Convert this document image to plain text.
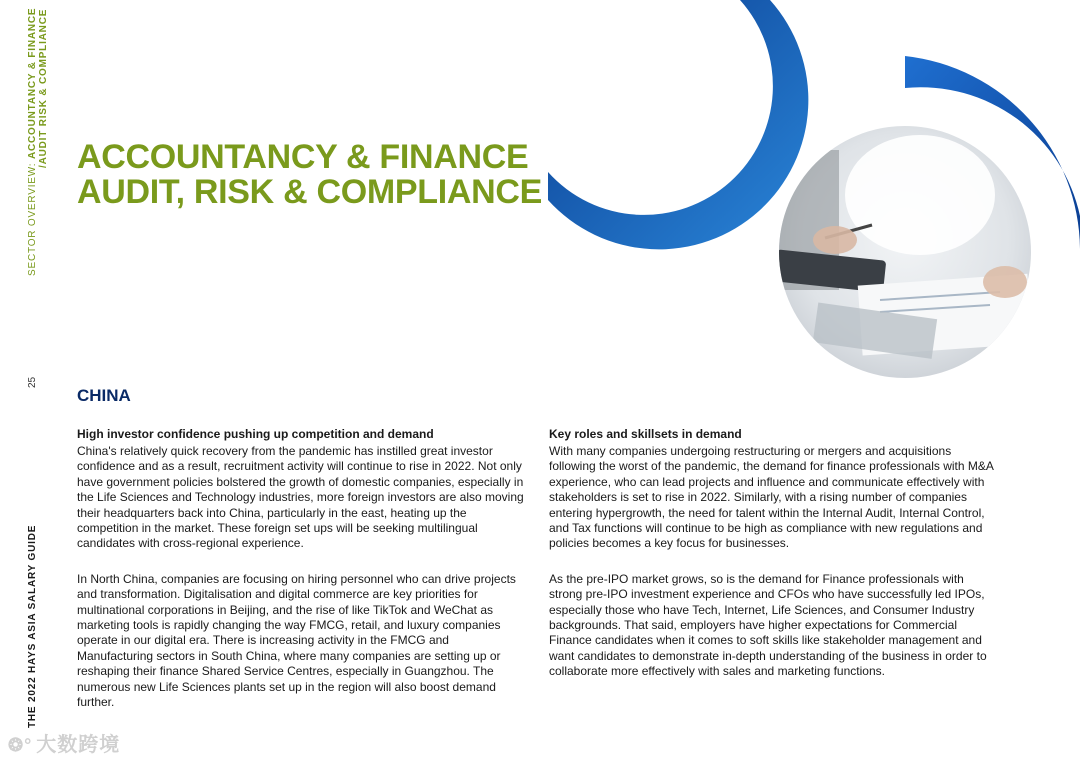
SECTOR OVERVIEW: ACCOUNTANCY & FINANCE /AUDIT RISK & COMPLIANCE
25
THE 2022 HAYS ASIA SALARY GUIDE
ACCOUNTANCY & FINANCE
AUDIT, RISK & COMPLIANCE
CHINA
High investor confidence pushing up competition and demand

China's relatively quick recovery from the pandemic has instilled great investor confidence and as a result, recruitment activity will continue to rise in 2022. Not only have government policies bolstered the growth of domestic companies, especially in the Life Sciences and Technology industries, more foreign investors are also moving their headquarters back into China, particularly in the east, heating up the competition in the market. These foreign set ups will be seeking multilingual candidates with cross-regional experience.

In North China, companies are focusing on hiring personnel who can drive projects and transformation. Digitalisation and digital commerce are key priorities for multinational corporations in Beijing, and the rise of like TikTok and WeChat as marketing tools is rapidly changing the way FMCG, retail, and luxury companies operate in our digital era. There is increasing activity in the FMCG and Manufacturing sectors in South China, where many companies are setting up or reshaping their finance Shared Service Centres, especially in Guangzhou. The numerous new Life Sciences plants set up in the region will also boost demand further.

Key roles and skillsets in demand

With many companies undergoing restructuring or mergers and acquisitions following the worst of the pandemic, the demand for finance professionals with M&A experience, who can lead projects and influence and communicate effectively with stakeholders is set to rise in 2022. Similarly, with a rising number of companies entering hypergrowth, the need for talent within the Internal Audit, Internal Control, and Tax functions will continue to be high as compliance with new regulations and policies becomes a key focus for businesses.

As the pre-IPO market grows, so is the demand for Finance professionals with strong pre-IPO investment experience and CFOs who have successfully led IPOs, especially those who have Tech, Internet, Life Sciences, and Consumer Industry backgrounds. That said, employers have higher expectations for Commercial Finance candidates when it comes to soft skills like stakeholder management and want candidates to demonstrate in-depth understanding of the business in order to collaborate more effectively with sales and marketing functions.

❂° 大数跨境
